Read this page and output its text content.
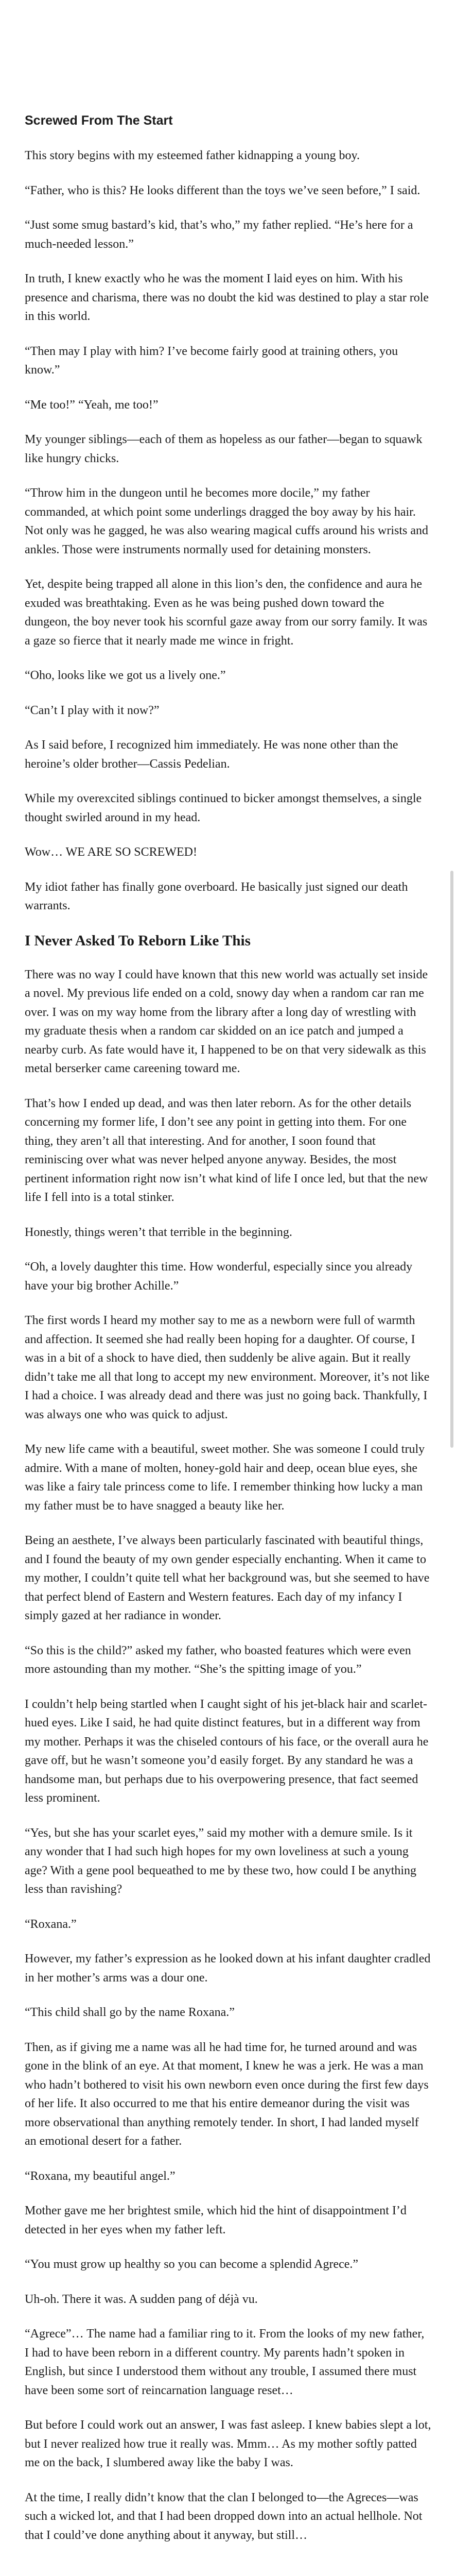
Screwed From The Start

This story begins with my esteemed father kidnapping a young boy.

“Father, who is this? He looks different than the toys we’ve seen before,” I said.

“Just some smug bastard’s kid, that’s who,” my father replied. “He’s here for a much-needed lesson.”

In truth, I knew exactly who he was the moment I laid eyes on him. With his presence and charisma, there was no doubt the kid was destined to play a star role in this world.

“Then may I play with him? I’ve become fairly good at training others, you know.”

“Me too!” “Yeah, me too!”

My younger siblings—each of them as hopeless as our father—began to squawk like hungry chicks.

“Throw him in the dungeon until he becomes more docile,” my father commanded, at which point some underlings dragged the boy away by his hair. Not only was he gagged, he was also wearing magical cuffs around his wrists and ankles. Those were instruments normally used for detaining monsters.

Yet, despite being trapped all alone in this lion’s den, the confidence and aura he exuded was breathtaking. Even as he was being pushed down toward the dungeon, the boy never took his scornful gaze away from our sorry family. It was a gaze so fierce that it nearly made me wince in fright.

“Oho, looks like we got us a lively one.”

“Can’t I play with it now?”

As I said before, I recognized him immediately. He was none other than the heroine’s older brother—Cassis Pedelian.

While my overexcited siblings continued to bicker amongst themselves, a single thought swirled around in my head.

Wow… WE ARE SO SCREWED!

My idiot father has finally gone overboard. He basically just signed our death warrants.

I Never Asked To Reborn Like This

There was no way I could have known that this new world was actually set inside a novel. My previous life ended on a cold, snowy day when a random car ran me over. I was on my way home from the library after a long day of wrestling with my graduate thesis when a random car skidded on an ice patch and jumped a nearby curb. As fate would have it, I happened to be on that very sidewalk as this metal berserker came careening toward me.

That’s how I ended up dead, and was then later reborn. As for the other details concerning my former life, I don’t see any point in getting into them. For one thing, they aren’t all that interesting. And for another, I soon found that reminiscing over what was never helped anyone anyway. Besides, the most pertinent information right now isn’t what kind of life I once led, but that the new life I fell into is a total stinker.

Honestly, things weren’t that terrible in the beginning.

“Oh, a lovely daughter this time. How wonderful, especially since you already have your big brother Achille.”

The first words I heard my mother say to me as a newborn were full of warmth and affection. It seemed she had really been hoping for a daughter. Of course, I was in a bit of a shock to have died, then suddenly be alive again. But it really didn’t take me all that long to accept my new environment. Moreover, it’s not like I had a choice. I was already dead and there was just no going back. Thankfully, I was always one who was quick to adjust.

My new life came with a beautiful, sweet mother. She was someone I could truly admire. With a mane of molten, honey-gold hair and deep, ocean blue eyes, she was like a fairy tale princess come to life. I remember thinking how lucky a man my father must be to have snagged a beauty like her.

Being an aesthete, I’ve always been particularly fascinated with beautiful things, and I found the beauty of my own gender especially enchanting. When it came to my mother, I couldn’t quite tell what her background was, but she seemed to have that perfect blend of Eastern and Western features. Each day of my infancy I simply gazed at her radiance in wonder.

“So this is the child?” asked my father, who boasted features which were even more astounding than my mother. “She’s the spitting image of you.”

I couldn’t help being startled when I caught sight of his jet-black hair and scarlet-hued eyes. Like I said, he had quite distinct features, but in a different way from my mother. Perhaps it was the chiseled contours of his face, or the overall aura he gave off, but he wasn’t someone you’d easily forget. By any standard he was a handsome man, but perhaps due to his overpowering presence, that fact seemed less prominent.

“Yes, but she has your scarlet eyes,” said my mother with a demure smile. Is it any wonder that I had such high hopes for my own loveliness at such a young age? With a gene pool bequeathed to me by these two, how could I be anything less than ravishing?

“Roxana.”

However, my father’s expression as he looked down at his infant daughter cradled in her mother’s arms was a dour one.

“This child shall go by the name Roxana.”

Then, as if giving me a name was all he had time for, he turned around and was gone in the blink of an eye. At that moment, I knew he was a jerk. He was a man who hadn’t bothered to visit his own newborn even once during the first few days of her life. It also occurred to me that his entire demeanor during the visit was more observational than anything remotely tender. In short, I had landed myself an emotional desert for a father.

“Roxana, my beautiful angel.”

Mother gave me her brightest smile, which hid the hint of disappointment I’d detected in her eyes when my father left.

“You must grow up healthy so you can become a splendid Agrece.”

Uh-oh. There it was. A sudden pang of déjà vu.

“Agrece”… The name had a familiar ring to it. From the looks of my new father, I had to have been reborn in a different country. My parents hadn’t spoken in English, but since I understood them without any trouble, I assumed there must have been some sort of reincarnation language reset…

But before I could work out an answer, I was fast asleep. I knew babies slept a lot, but I never realized how true it really was. Mmm… As my mother softly patted me on the back, I slumbered away like the baby I was.

At the time, I really didn’t know that the clan I belonged to—the Agreces—was such a wicked lot, and that I had been dropped down into an actual hellhole. Not that I could’ve done anything about it anyway, but still…
